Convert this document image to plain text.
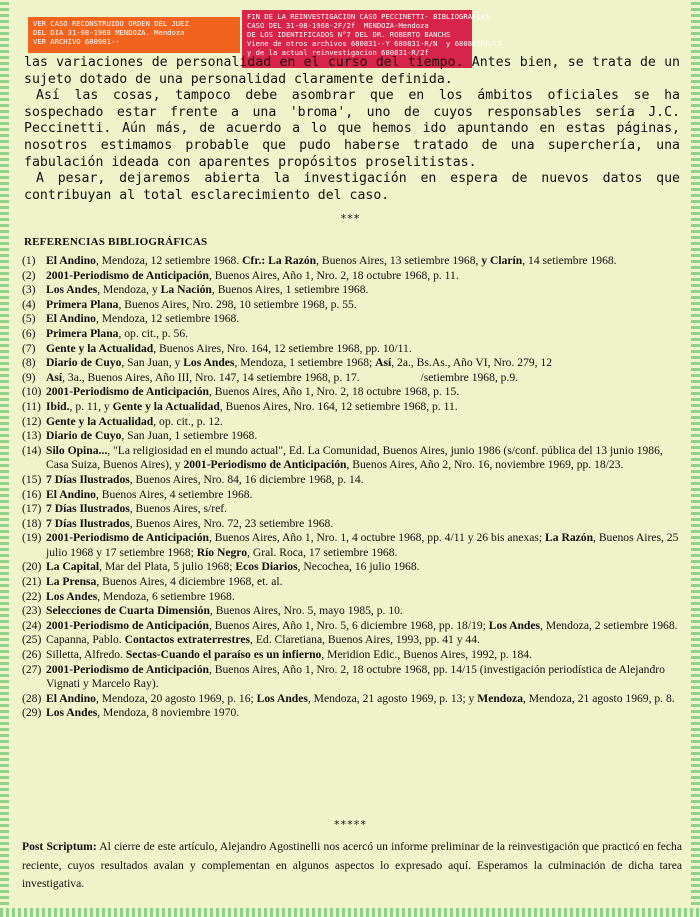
VER CASO RECONSTRUIDO ORDEN DEL JUEZ
DEL DIA 31-08-1968 MENDOZA. Mendoza
VER ARCHIVO 680901--
FIN DE LA REINVESTIGACION CASO PECCINETTI- BIBLIOGRAFIAS
CASO DEL 31-08-1968-2F/2f  MENDOZA-Mendoza
DE LOS IDENTIFICADOS N°7 DEL DR. ROBERTO BANCHS
Viene de otros archivos 680831--Y 680831-R/N  y 680831RS/LS
y de la actual reinvestigacion 680831-R/2f

las variaciones de personalidad en el curso del tiempo. Antes bien, se trata de un sujeto dotado de una personalidad claramente definida.

Así las cosas, tampoco debe asombrar que en los ámbitos oficiales se ha sospechado estar frente a una 'broma', uno de cuyos responsables sería J.C. Peccinetti. Aún más, de acuerdo a lo que hemos ido apuntando en estas páginas, nosotros estimamos probable que pudo haberse tratado de una superchería, una fabulación ideada con aparentes propósitos proselitistas.

A pesar, dejaremos abierta la investigación en espera de nuevos datos que contribuyan al total esclarecimiento del caso.

***
REFERENCIAS BIBLIOGRÁFICAS
(1) El Andino, Mendoza, 12 setiembre 1968. Cfr.: La Razón, Buenos Aires, 13 setiembre 1968, y Clarín, 14 setiembre 1968.
(2) 2001-Periodismo de Anticipación, Buenos Aires, Año 1, Nro. 2, 18 octubre 1968, p. 11.
(3) Los Andes, Mendoza, y La Nación, Buenos Aires, 1 setiembre 1968.
(4) Primera Plana, Buenos Aires, Nro. 298, 10 setiembre 1968, p. 55.
(5) El Andino, Mendoza, 12 setiembre 1968.
(6) Primera Plana, op. cit., p. 56.
(7) Gente y la Actualidad, Buenos Aires, Nro. 164, 12 setiembre 1968, pp. 10/11.
(8) Diario de Cuyo, San Juan, y Los Andes, Mendoza, 1 setiembre 1968; Así, 2a., Bs.As., Año VI, Nro. 279, 12
(9) Así, 3a., Buenos Aires, Año III, Nro. 147, 14 setiembre 1968, p. 17.                     /setiembre 1968, p.9.
(10) 2001-Periodismo de Anticipación, Buenos Aires, Año 1, Nro. 2, 18 octubre 1968, p. 15.
(11) Ibid., p. 11, y Gente y la Actualidad, Buenos Aires, Nro. 164, 12 setiembre 1968, p. 11.
(12) Gente y la Actualidad, op. cit., p. 12.
(13) Diario de Cuyo, San Juan, 1 setiembre 1968.
(14) Silo Opina..., "La religiosidad en el mundo actual", Ed. La Comunidad, Buenos Aires, junio 1986 (s/conf. pública del 13 junio 1986, Casa Suiza, Buenos Aires), y 2001-Periodismo de Anticipación, Buenos Aires, Año 2, Nro. 16, noviembre 1969, pp. 18/23.
(15) 7 Días Ilustrados, Buenos Aires, Nro. 84, 16 diciembre 1968, p. 14.
(16) El Andino, Buenos Aires, 4 setiembre 1968.
(17) 7 Días Ilustrados, Buenos Aires, s/ref.
(18) 7 Días Ilustrados, Buenos Aires, Nro. 72, 23 setiembre 1968.
(19) 2001-Periodismo de Anticipación, Buenos Aires, Año 1, Nro. 1, 4 octubre 1968, pp. 4/11 y 26 bis anexas; La Razón, Buenos Aires, 25 julio 1968 y 17 setiembre 1968; Río Negro, Gral. Roca, 17 setiembre 1968.
(20) La Capital, Mar del Plata, 5 julio 1968; Ecos Diarios, Necochea, 16 julio 1968.
(21) La Prensa, Buenos Aires, 4 diciembre 1968, et. al.
(22) Los Andes, Mendoza, 6 setiembre 1968.
(23) Selecciones de Cuarta Dimensión, Buenos Aires, Nro. 5, mayo 1985, p. 10.
(24) 2001-Periodismo de Anticipación, Buenos Aires, Año 1, Nro. 5, 6 diciembre 1968, pp. 18/19; Los Andes, Mendoza, 2 setiembre 1968.
(25) Capanna, Pablo. Contactos extraterrestres, Ed. Claretiana, Buenos Aires, 1993, pp. 41 y 44.
(26) Silletta, Alfredo. Sectas-Cuando el paraíso es un infierno, Meridion Edic., Buenos Aires, 1992, p. 184.
(27) 2001-Periodismo de Anticipación, Buenos Aires, Año 1, Nro. 2, 18 octubre 1968, pp. 14/15 (investigación periodística de Alejandro Vignati y Marcelo Ray).
(28) El Andino, Mendoza, 20 agosto 1969, p. 16; Los Andes, Mendoza, 21 agosto 1969, p. 13; y Mendoza, Mendoza, 21 agosto 1969, p. 8.
(29) Los Andes, Mendoza, 8 noviembre 1970.
*****
Post Scriptum: Al cierre de este artículo, Alejandro Agostinelli nos acercó un informe preliminar de la reinvestigación que practicó en fecha reciente, cuyos resultados avalan y complementan en algunos aspectos lo expresado aquí. Esperamos la culminación de dicha tarea investigativa.
